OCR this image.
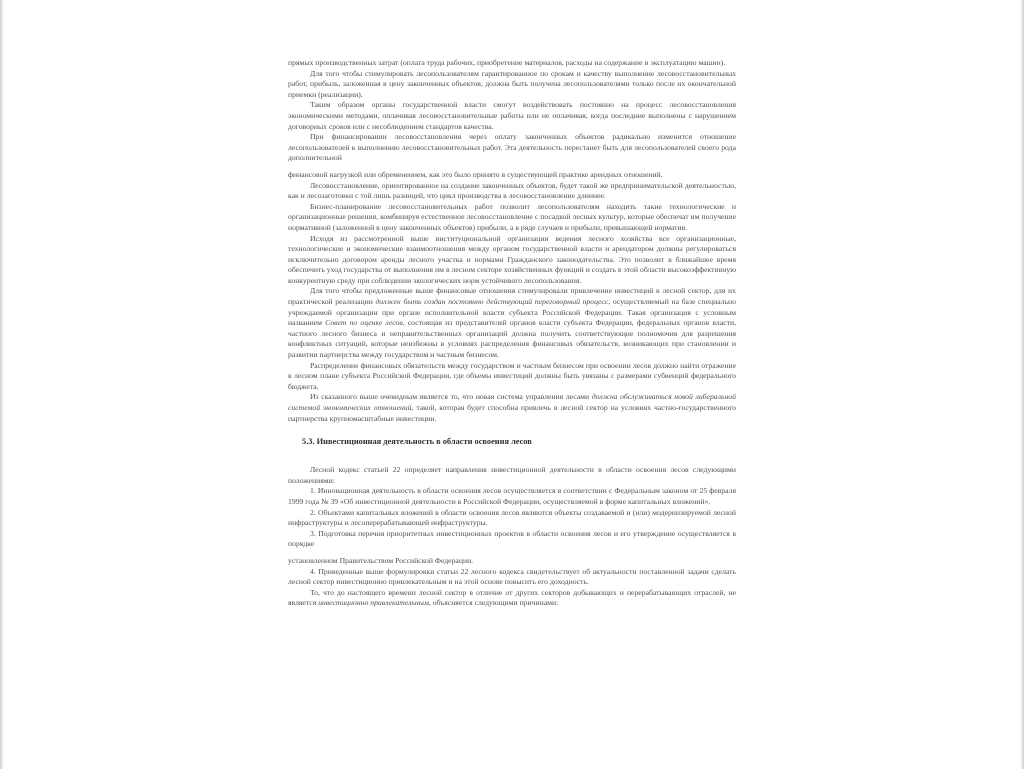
прямых производственных затрат (оплата труда рабочих, приобретение материалов, расходы на содержание и эксплуатацию машин).

Для того чтобы стимулировать лесопользователям гарантированное по срокам и качеству выполнение лесовосстановительных работ, прибыль, заложенная в цену законченных объектов, должна быть получена лесопользователями только после их окончательной приемки (реализации).

Таким образом органы государственной власти смогут воздействовать постоянно на процесс лесовосстановления экономическими методами, оплачивая лесовосстановительные работы или не оплачивая, когда последние выполнены с нарушением договорных сроков или с несоблюдением стандартов качества.

При финансировании лесовосстановления через оплату законченных объектов радикально изменится отношение лесопользователей к выполнению лесовосстановительных работ. Эта деятельность перестанет быть для лесопользователей своего рода дополнительной

финансовой нагрузкой или обременением, как это было принято в существующей практике арендных отношений.

Лесовосстановление, ориентированное на создание законченных объектов, будет такой же предпринимательской деятельностью, как и лесозаготовки с той лишь разницей, что цикл производства в лесовосстановление длиннее.

Бизнес-планирование лесовосстановительных работ позволит лесопользователям находить такие технологические и организационные решения, комбинируя естественное лесовосстановление с посадкой лесных культур, которые обеспечат им получение нормативной (заложенной в цену законченных объектов) прибыли, а в ряде случаев и прибыли, превышающей норматив.

Исходя из рассмотренной выше институциональной организации ведения лесного хозяйства все организационные, технологические и экономические взаимоотношения между органом государственной власти и арендатором должны регулироваться исключительно договором аренды лесного участка и нормами Гражданского законодательства. Это позволит в ближайшее время обеспечить уход государства от выполнения им в лесном секторе хозяйственных функций и создать в этой области высокоэффективную конкурентную среду при соблюдении экологических норм устойчивого лесопользования.

Для того чтобы предложенные выше финансовые отношения стимулировали привлечение инвестиций в лесной сектор, для их практической реализации должен быть создан постоянно действующий переговорный процесс, осуществляемый на базе специально учреждаемой организации при органе исполнительной власти субъекта Российской Федерации. Такая организация с условным названием Совет по оценке лесов, состоящая из представителей органов власти субъекта Федерации, федеральных органов власти, частного лесного бизнеса и неправительственных организаций должна получить соответствующие полномочия для разрешения конфликтных ситуаций, которые неизбежны в условиях распределения финансовых обязательств, возникающих при становлении и развитии партнерства между государством и частным бизнесом.

Распределение финансовых обязательств между государством и частным бизнесом при освоении лесов должно найти отражение в лесном плане субъекта Российской Федерации, где объемы инвестиций должны быть увязаны с размерами субвенций федерального бюджета.

Из сказанного выше очевидным является то, что новая система управления лесами должна обслуживаться новой либеральной системой экономических отношений, такой, которая будет способна привлечь в лесной сектор на условиях частно-государственного партнерства крупномасштабные инвестиции.

5.3. Инвестиционная деятельность в области освоения лесов

Лесной кодекс статьей 22 определяет направления инвестиционной деятельности в области освоения лесов следующими положениями:

1. Инновационная деятельность в области освоения лесов осуществляется в соответствии с Федеральным законом от 25 февраля 1999 года № 39 «Об инвестиционной деятельности в Российской Федерации, осуществляемой в форме капитальных вложений».

2. Объектами капитальных вложений в области освоения лесов являются объекты создаваемой и (или) модернизируемой лесной инфраструктуры и лесоперерабатывающей инфраструктуры.

3. Подготовка перечня приоритетных инвестиционных проектов в области освоения лесов и его утверждение осуществляется в порядке

установленном Правительством Российской Федерации.

4. Приведенные выше формулировки статьи 22 лесного кодекса свидетельствует об актуальности поставленной задачи сделать лесной сектор инвестиционно привлекательным и на этой основе повысить его доходность.

То, что до настоящего времени лесной сектор в отличие от других секторов добывающих и перерабатывающих отраслей, не является инвестиционно привлекательным, объясняется следующими причинами:
